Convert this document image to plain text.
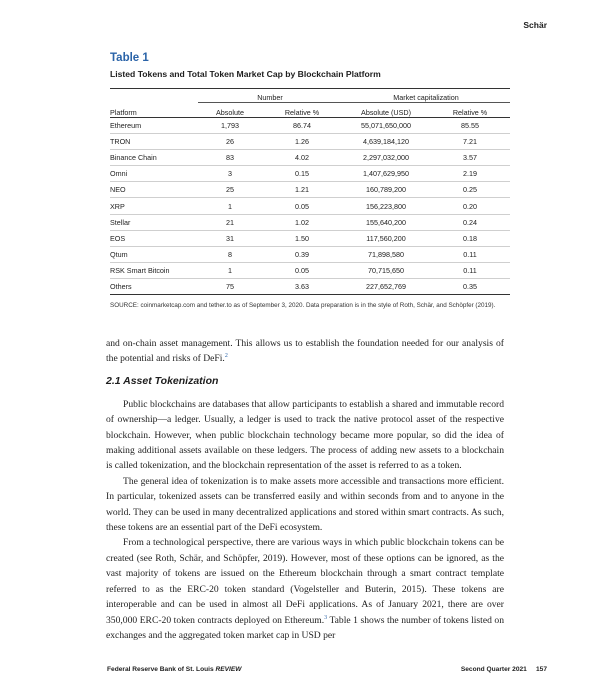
Schär
Table 1
Listed Tokens and Total Token Market Cap by Blockchain Platform
	Number		Market capitalization	
Platform	Absolute	Relative %	Absolute (USD)	Relative %
Ethereum	1,793	86.74	55,071,650,000	85.55
TRON	26	1.26	4,639,184,120	7.21
Binance Chain	83	4.02	2,297,032,000	3.57
Omni	3	0.15	1,407,629,950	2.19
NEO	25	1.21	160,789,200	0.25
XRP	1	0.05	156,223,800	0.20
Stellar	21	1.02	155,640,200	0.24
EOS	31	1.50	117,560,200	0.18
Qtum	8	0.39	71,898,580	0.11
RSK Smart Bitcoin	1	0.05	70,715,650	0.11
Others	75	3.63	227,652,769	0.35
SOURCE: coinmarketcap.com and tether.to as of September 3, 2020. Data preparation is in the style of Roth, Schär, and Schöpfer (2019).

and on-chain asset management. This allows us to establish the foundation needed for our analysis of the potential and risks of DeFi.$^2$

2.1 Asset Tokenization

Public blockchains are databases that allow participants to establish a shared and immutable record of ownership—a ledger. Usually, a ledger is used to track the native protocol asset of the respective blockchain. However, when public blockchain technology became more popular, so did the idea of making additional assets available on these ledgers. The process of adding new assets to a blockchain is called tokenization, and the blockchain representation of the asset is referred to as a token.

The general idea of tokenization is to make assets more accessible and transactions more efficient. In particular, tokenized assets can be transferred easily and within seconds from and to anyone in the world. They can be used in many decentralized applications and stored within smart contracts. As such, these tokens are an essential part of the DeFi ecosystem.

From a technological perspective, there are various ways in which public blockchain tokens can be created (see Roth, Schär, and Schöpfer, 2019). However, most of these options can be ignored, as the vast majority of tokens are issued on the Ethereum blockchain through a smart contract template referred to as the ERC-20 token standard (Vogelsteller and Buterin, 2015). These tokens are interoperable and can be used in almost all DeFi applications. As of January 2021, there are over 350,000 ERC-20 token contracts deployed on Ethereum.$^3$ Table 1 shows the number of tokens listed on exchanges and the aggregated token market cap in USD per

Federal Reserve Bank of St. Louis REVIEW	Second Quarter 2021     157
